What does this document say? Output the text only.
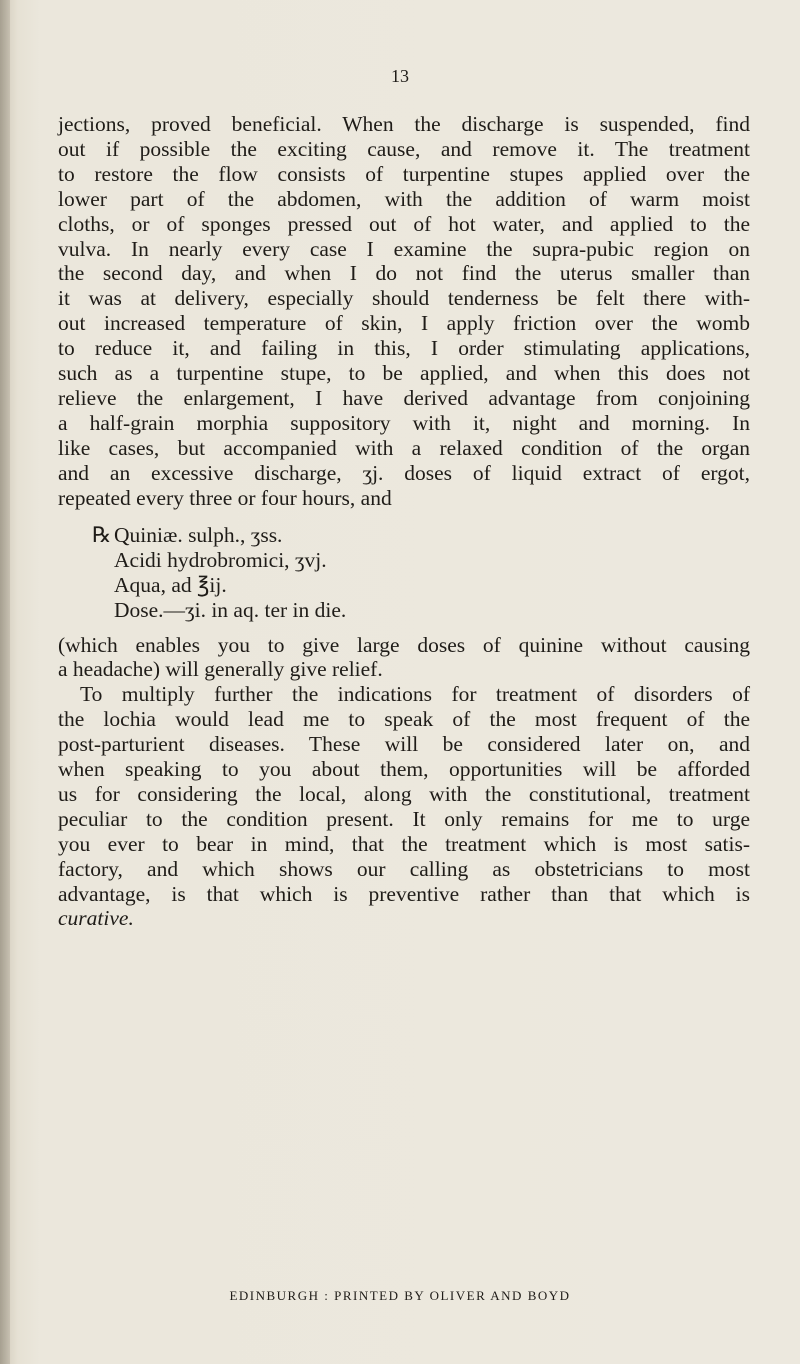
13
jections, proved beneficial. When the discharge is suspended, find
out if possible the exciting cause, and remove it. The treatment
to restore the flow consists of turpentine stupes applied over the
lower part of the abdomen, with the addition of warm moist
cloths, or of sponges pressed out of hot water, and applied to the
vulva. In nearly every case I examine the supra-pubic region on
the second day, and when I do not find the uterus smaller than
it was at delivery, especially should tenderness be felt there with-
out increased temperature of skin, I apply friction over the womb
to reduce it, and failing in this, I order stimulating applications,
such as a turpentine stupe, to be applied, and when this does not
relieve the enlargement, I have derived advantage from conjoining
a half-grain morphia suppository with it, night and morning. In
like cases, but accompanied with a relaxed condition of the organ
and an excessive discharge, ʒj. doses of liquid extract of ergot,
repeated every three or four hours, and
℞ Quiniæ. sulph., ʒss.
Acidi hydrobromici, ʒvj.
Aqua, ad ℥ij.
Dose.—ʒi. in aq. ter in die.
(which enables you to give large doses of quinine without causing
a headache) will generally give relief.
To multiply further the indications for treatment of disorders of
the lochia would lead me to speak of the most frequent of the
post-parturient diseases. These will be considered later on, and
when speaking to you about them, opportunities will be afforded
us for considering the local, along with the constitutional, treatment
peculiar to the condition present. It only remains for me to urge
you ever to bear in mind, that the treatment which is most satis-
factory, and which shows our calling as obstetricians to most
advantage, is that which is preventive rather than that which is
curative.
EDINBURGH : PRINTED BY OLIVER AND BOYD
